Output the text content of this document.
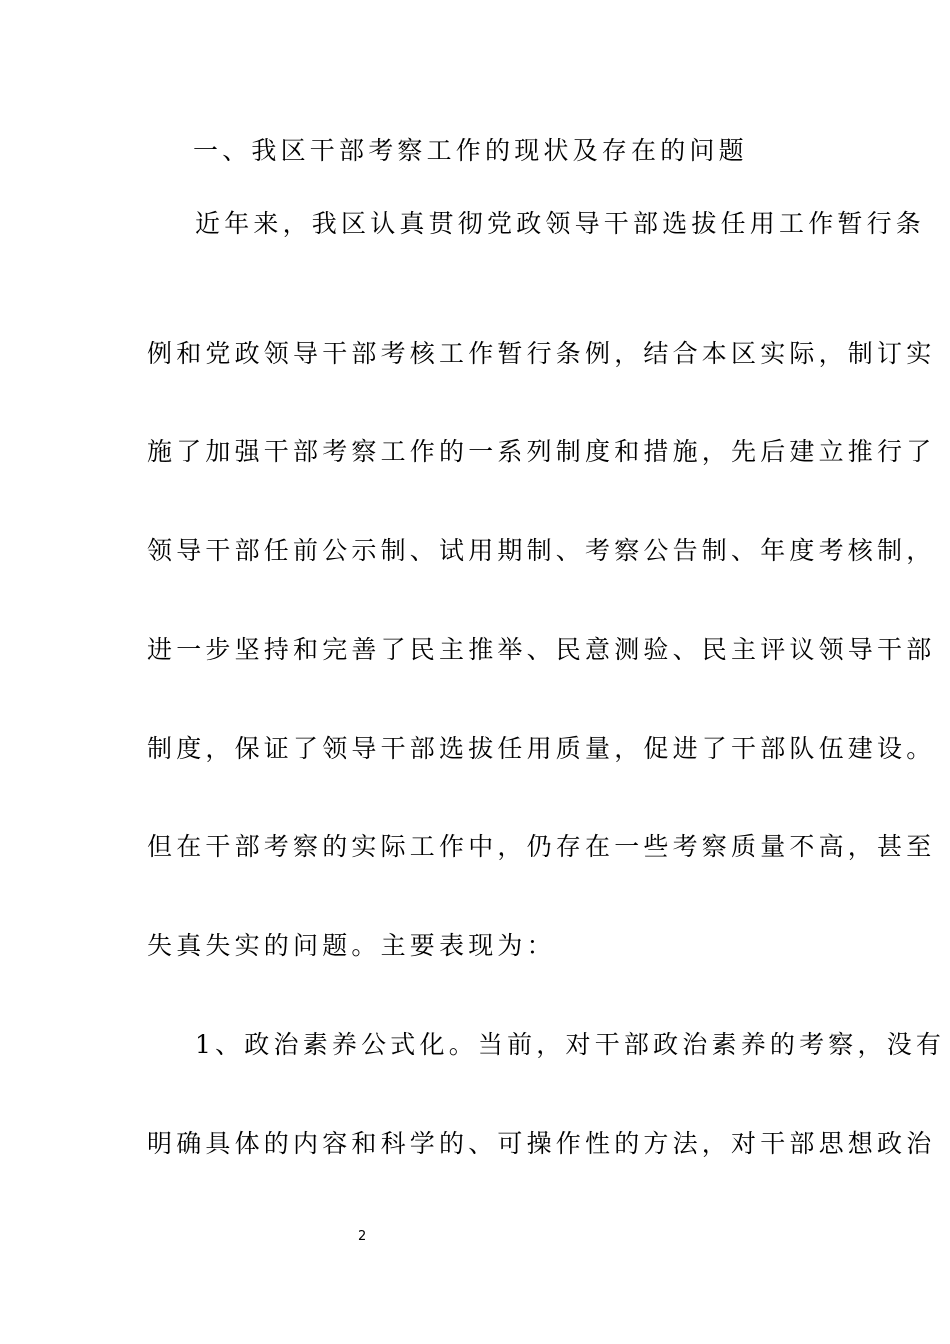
一、我区干部考察工作的现状及存在的问题
近年来，我区认真贯彻党政领导干部选拔任用工作暂行条
例和党政领导干部考核工作暂行条例，结合本区实际，制订实
施了加强干部考察工作的一系列制度和措施，先后建立推行了
领导干部任前公示制、试用期制、考察公告制、年度考核制，
进一步坚持和完善了民主推举、民意测验、民主评议领导干部
制度，保证了领导干部选拔任用质量，促进了干部队伍建设。
但在干部考察的实际工作中，仍存在一些考察质量不高，甚至
失真失实的问题。主要表现为：
1、政治素养公式化。当前，对干部政治素养的考察，没有
明确具体的内容和科学的、可操作性的方法，对干部思想政治
2
